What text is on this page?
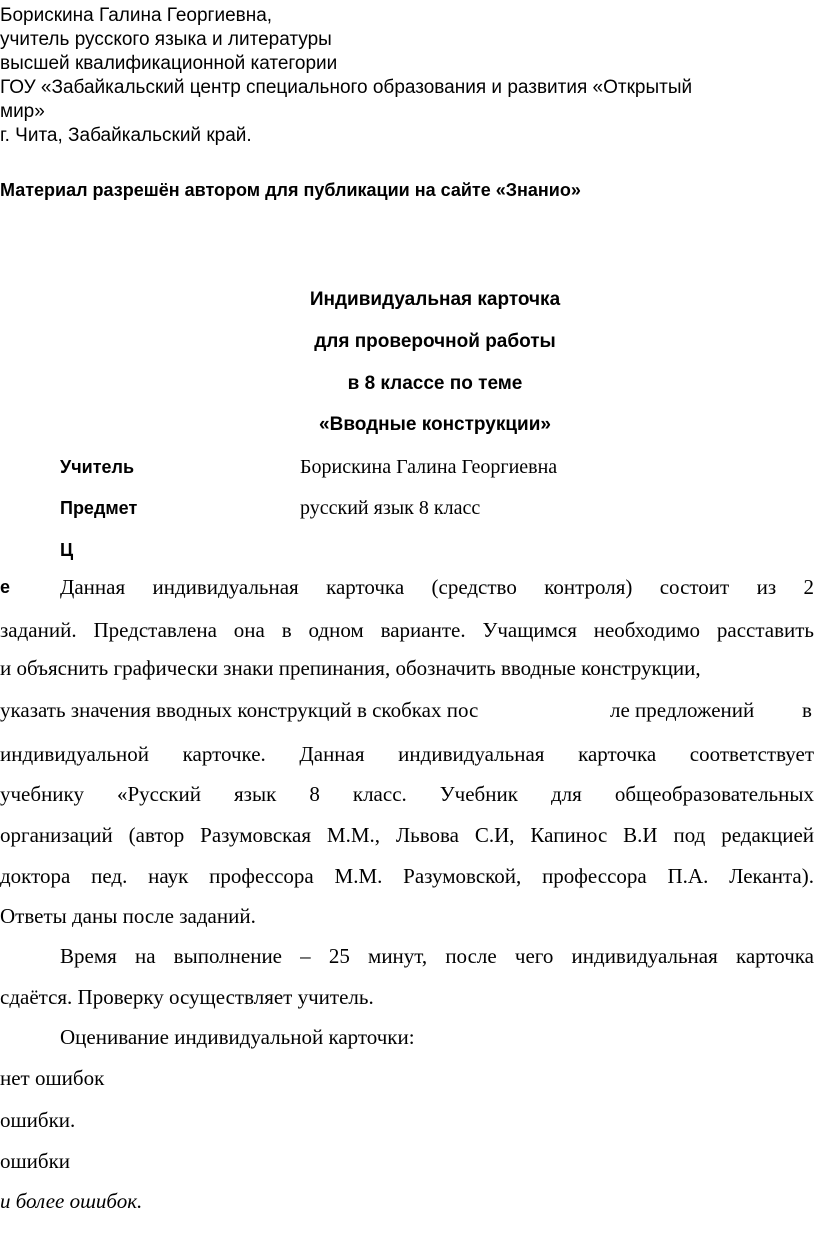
Борискина Галина Георгиевна,
учитель русского языка и литературы
высшей квалификационной категории
ГОУ «Забайкальский центр специального образования и развития «Открытый
мир»
г. Чита, Забайкальский край.
Материал разрешён автором для публикации на сайте «Знанио»
Индивидуальная карточка
для проверочной работы
в 8 классе по теме
«Вводные конструкции»
Учитель	Борискина Галина Георгиевна
Предмет	русский язык 8 класс
Ц
е Данная индивидуальная карточка (средство контроля) состоит из 2
заданий. Представлена она в одном варианте. Учащимся необходимо расставить
и объяснить графически знаки препинания, обозначить вводные конструкции,
указать значения вводных конструкций в скобках пос	ле предложений в
индивидуальной карточке. Данная индивидуальная карточка соответствует
учебнику «Русский язык 8 класс. Учебник для общеобразовательных
организаций (автор Разумовская М.М., Львова С.И, Капинос В.И под редакцией
доктора пед. наук профессора М.М. Разумовской, профессора П.А. Леканта).
Ответы даны после заданий.
Время на выполнение – 25 минут, после чего индивидуальная карточка
сдаётся. Проверку осуществляет учитель.
Оценивание индивидуальной карточки:
нет ошибок
ошибки.
ошибки
и более ошибок.
